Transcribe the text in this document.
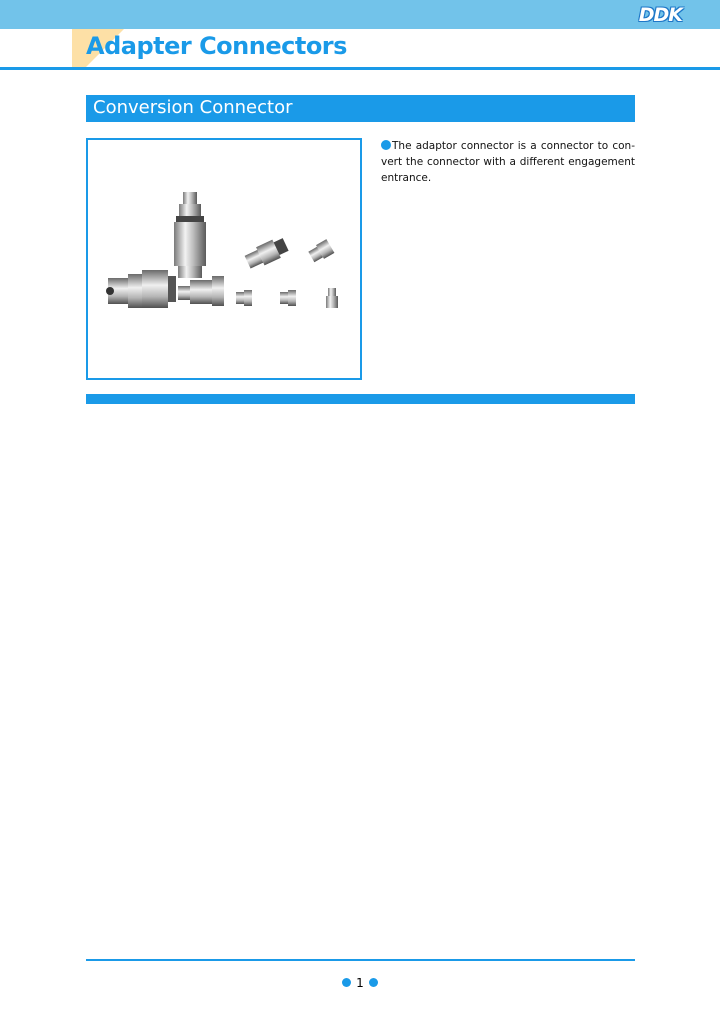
DDK
Adapter Connectors
Conversion Connector
The adaptor connector is a connector to con-vert the connector with a different engagement entrance.
1
